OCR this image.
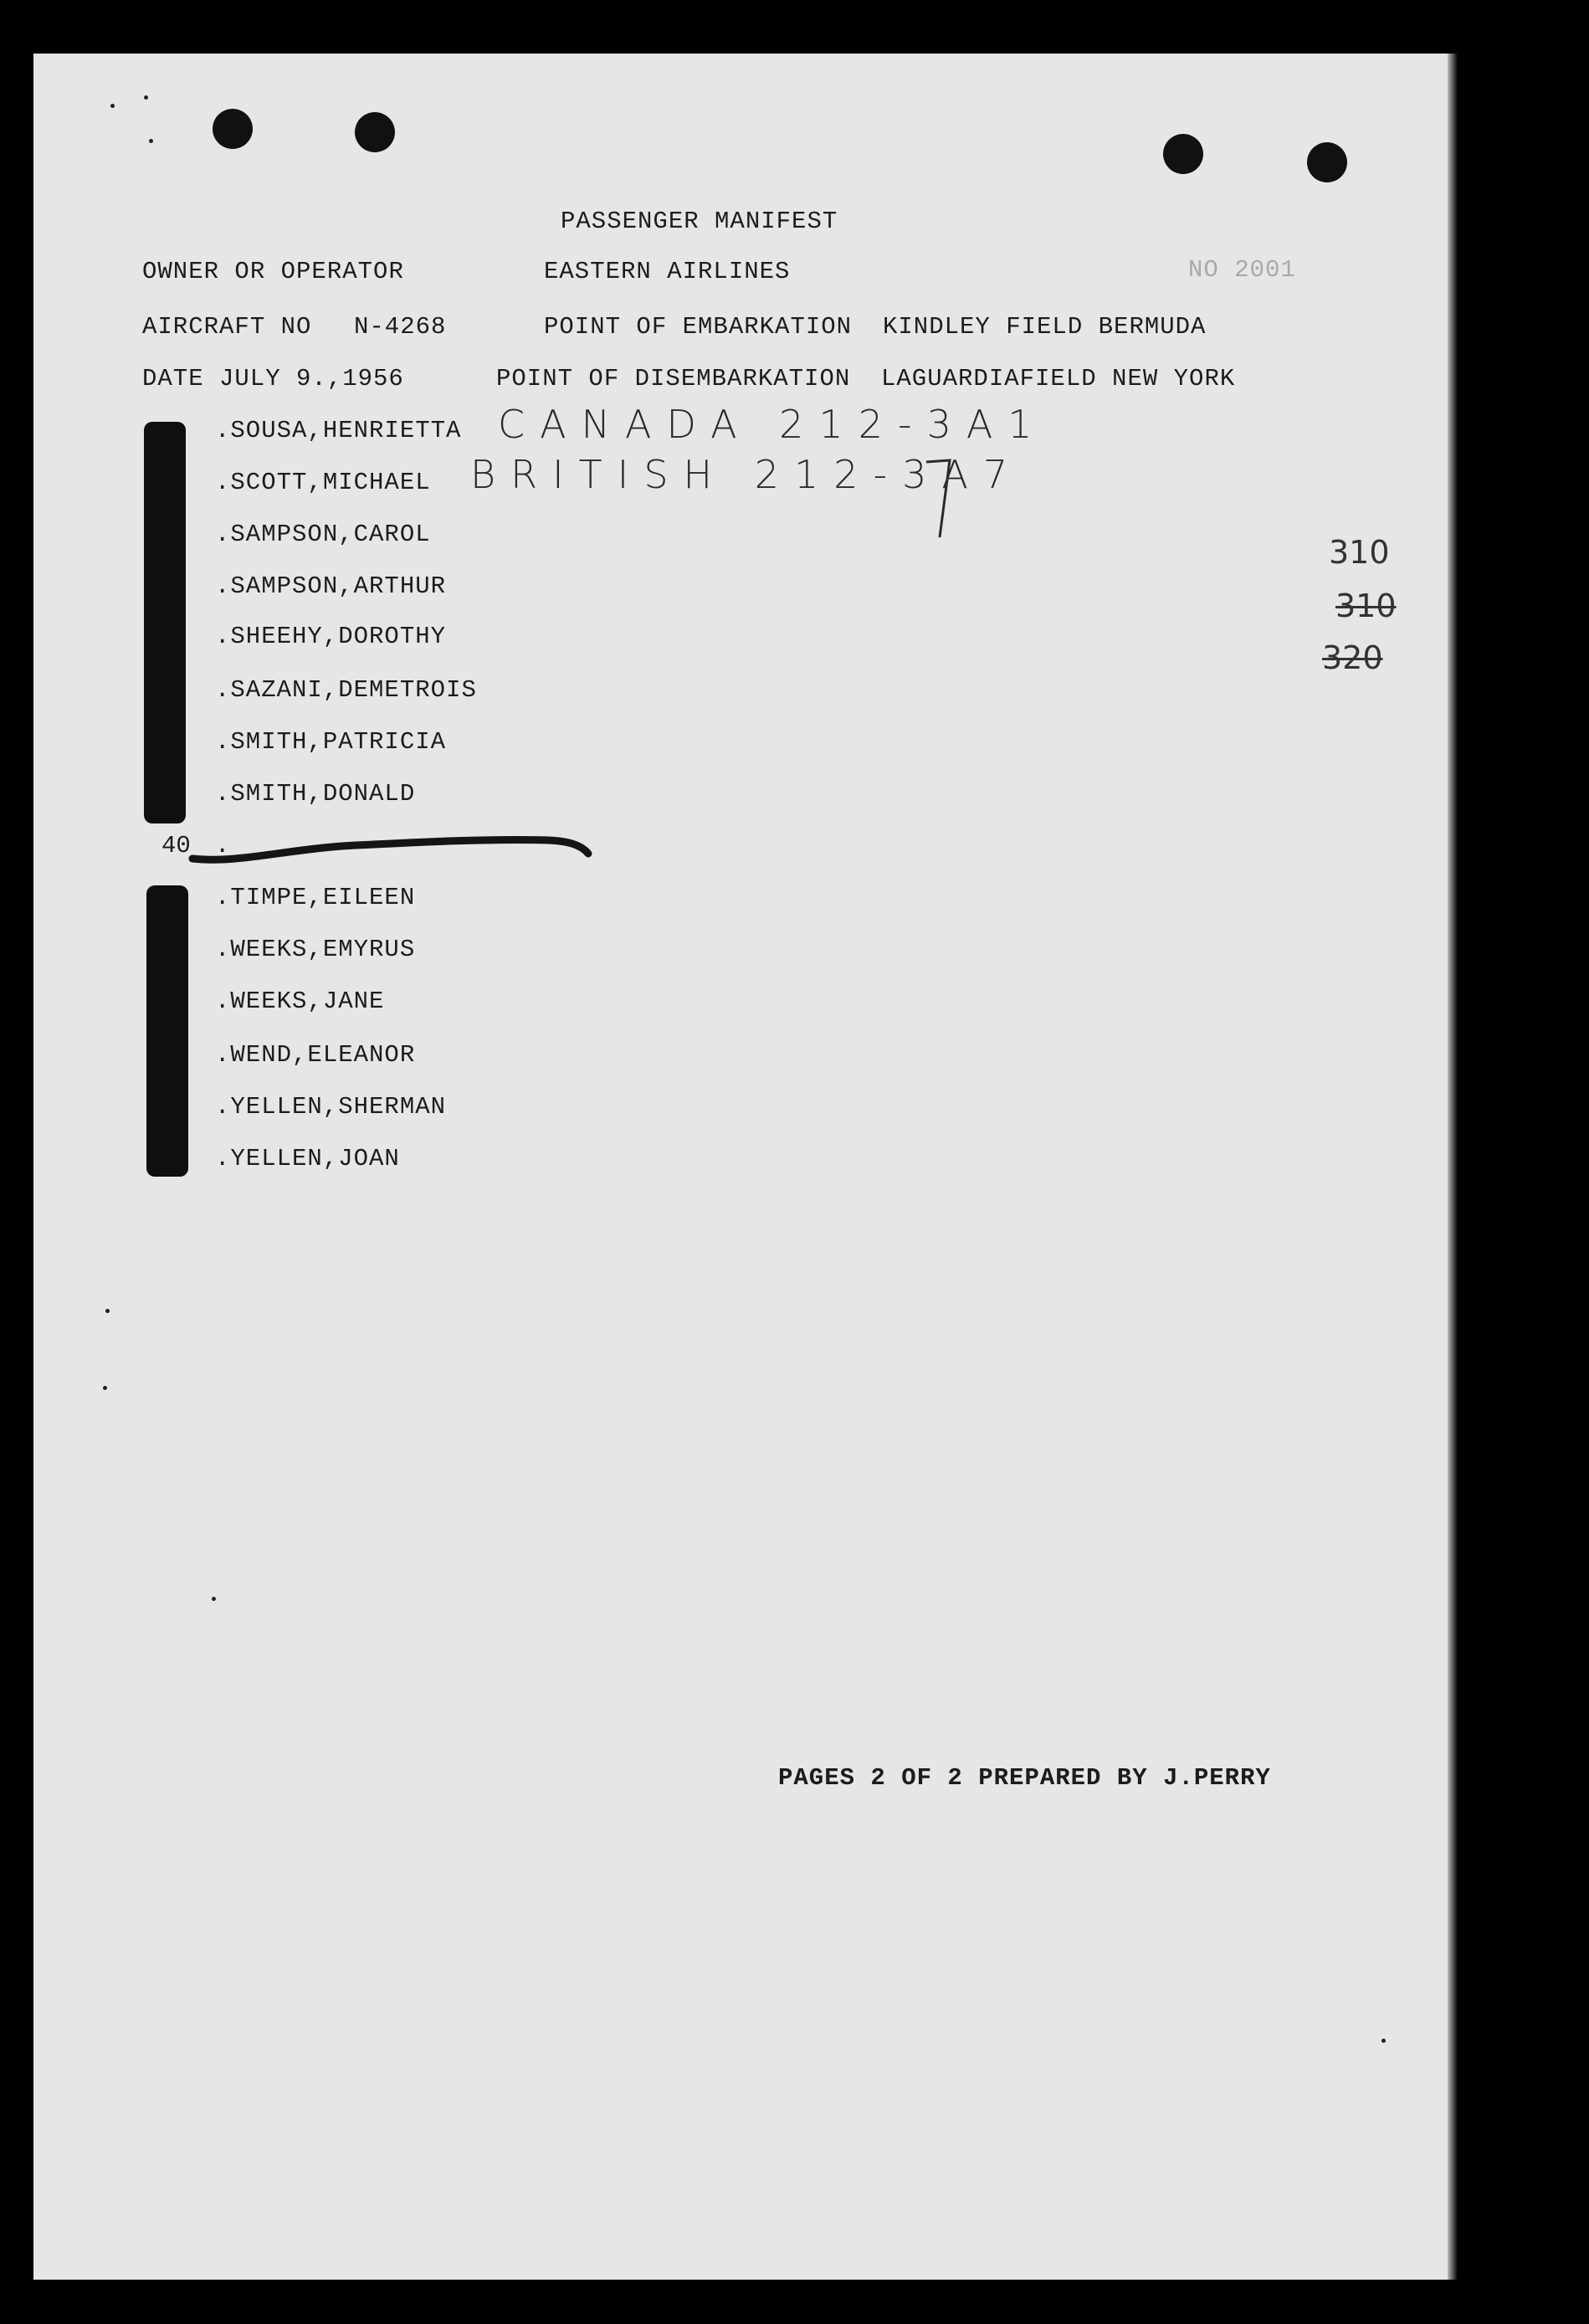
PASSENGER MANIFEST
OWNER OR OPERATOR	EASTERN AIRLINES	NO 2001
AIRCRAFT NO N-4268	POINT OF EMBARKATION KINDLEY FIELD BERMUDA
DATE JULY 9.,1956	POINT OF DISEMBARKATION LAGUARDIAFIELD NEW YORK
CANADA 212-3A1
BRITISH 212-3A7
310
310
320
.SOUSA,HENRIETTA
.SCOTT,MICHAEL
.SAMPSON,CAROL
.SAMPSON,ARTHUR
.SHEEHY,DOROTHY
.SAZANI,DEMETROIS
.SMITH,PATRICIA
.SMITH,DONALD
40	.
.TIMPE,EILEEN
.WEEKS,EMYRUS
.WEEKS,JANE
.WEND,ELEANOR
.YELLEN,SHERMAN
.YELLEN,JOAN
PAGES 2 OF 2 PREPARED BY J.PERRY
